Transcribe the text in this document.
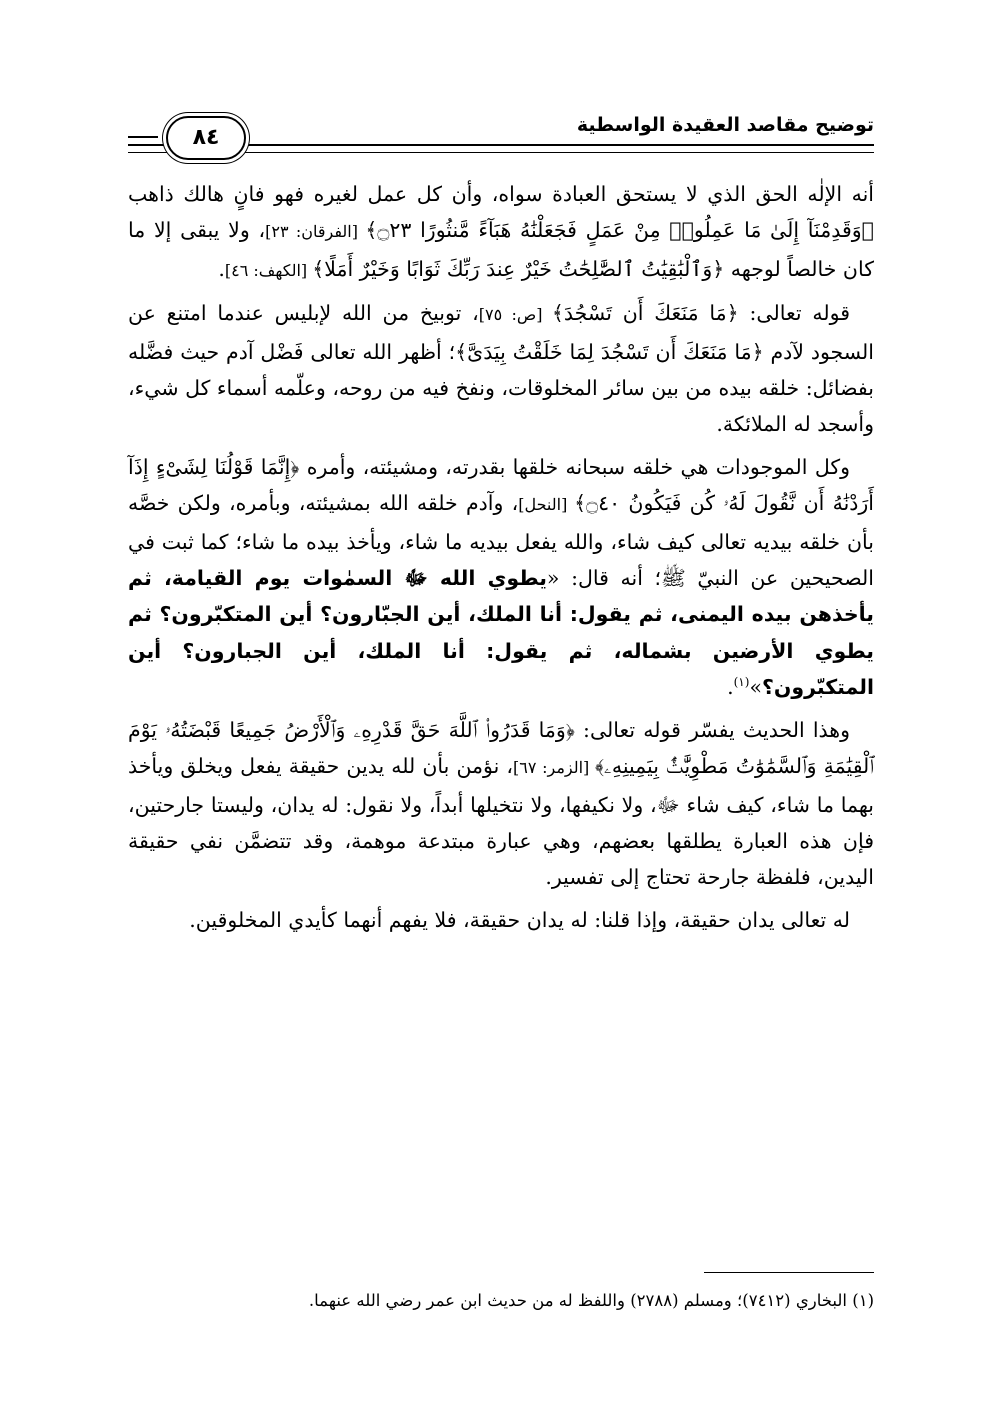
توضيح مقاصد العقيدة الواسطية
٨٤

أنه الإلٰه الحق الذي لا يستحق العبادة سواه، وأن كل عمل لغيره فهو فانٍ هالك ذاهب ﴿وَقَدِمْنَآ إِلَىٰ مَا عَمِلُوا۟ مِنْ عَمَلٍ فَجَعَلْنَٰهُ هَبَآءً مَّنثُورًا ۝٢٣﴾ [الفرقان: ٢٣]، ولا يبقى إلا ما كان خالصاً لوجهه ﴿وَٱلْبَٰقِيَٰتُ ٱلصَّٰلِحَٰتُ خَيْرٌ عِندَ رَبِّكَ ثَوَابًا وَخَيْرٌ أَمَلًا﴾ [الكهف: ٤٦].

قوله تعالى: ﴿مَا مَنَعَكَ أَن تَسْجُدَ﴾ [ص: ٧٥]، توبيخ من الله لإبليس عندما امتنع عن السجود لآدم ﴿مَا مَنَعَكَ أَن تَسْجُدَ لِمَا خَلَقْتُ بِيَدَىَّ﴾؛ أظهر الله تعالى فَضْل آدم حيث فضَّله بفضائل: خلقه بيده من بين سائر المخلوقات، ونفخ فيه من روحه، وعلّمه أسماء كل شيء، وأسجد له الملائكة.

وكل الموجودات هي خلقه سبحانه خلقها بقدرته، ومشيئته، وأمره ﴿إِنَّمَا قَوْلُنَا لِشَىْءٍ إِذَآ أَرَدْنَٰهُ أَن نَّقُولَ لَهُۥ كُن فَيَكُونُ ۝٤٠﴾ [النحل]، وآدم خلقه الله بمشيئته، وبأمره، ولكن خصَّه بأن خلقه بيديه تعالى كيف شاء، والله يفعل بيديه ما شاء، ويأخذ بيده ما شاء؛ كما ثبت في الصحيحين عن النبيّ ﷺ؛ أنه قال: «يطوي الله ﷻ السمٰوات يوم القيامة، ثم يأخذهن بيده اليمنى، ثم يقول: أنا الملك، أين الجبّارون؟ أين المتكبّرون؟ ثم يطوي الأرضين بشماله، ثم يقول: أنا الملك، أين الجبارون؟ أين المتكبّرون؟»$^{(١)}$.

وهذا الحديث يفسّر قوله تعالى: ﴿وَمَا قَدَرُوا۟ ٱللَّهَ حَقَّ قَدْرِهِۦ وَٱلْأَرْضُ جَمِيعًا قَبْضَتُهُۥ يَوْمَ ٱلْقِيَٰمَةِ وَٱلسَّمَٰوَٰتُ مَطْوِيَّٰتٌۢ بِيَمِينِهِۦ﴾ [الزمر: ٦٧]، نؤمن بأن لله يدين حقيقة يفعل ويخلق ويأخذ بهما ما شاء، كيف شاء ﷻ، ولا نكيفها، ولا نتخيلها أبداً، ولا نقول: له يدان، وليستا جارحتين، فإن هذه العبارة يطلقها بعضهم، وهي عبارة مبتدعة موهمة، وقد تتضمَّن نفي حقيقة اليدين، فلفظة جارحة تحتاج إلى تفسير.

له تعالى يدان حقيقة، وإذا قلنا: له يدان حقيقة، فلا يفهم أنهما كأيدي المخلوقين.

(١) البخاري (٧٤١٢)؛ ومسلم (٢٧٨٨) واللفظ له من حديث ابن عمر رضي الله عنهما.
